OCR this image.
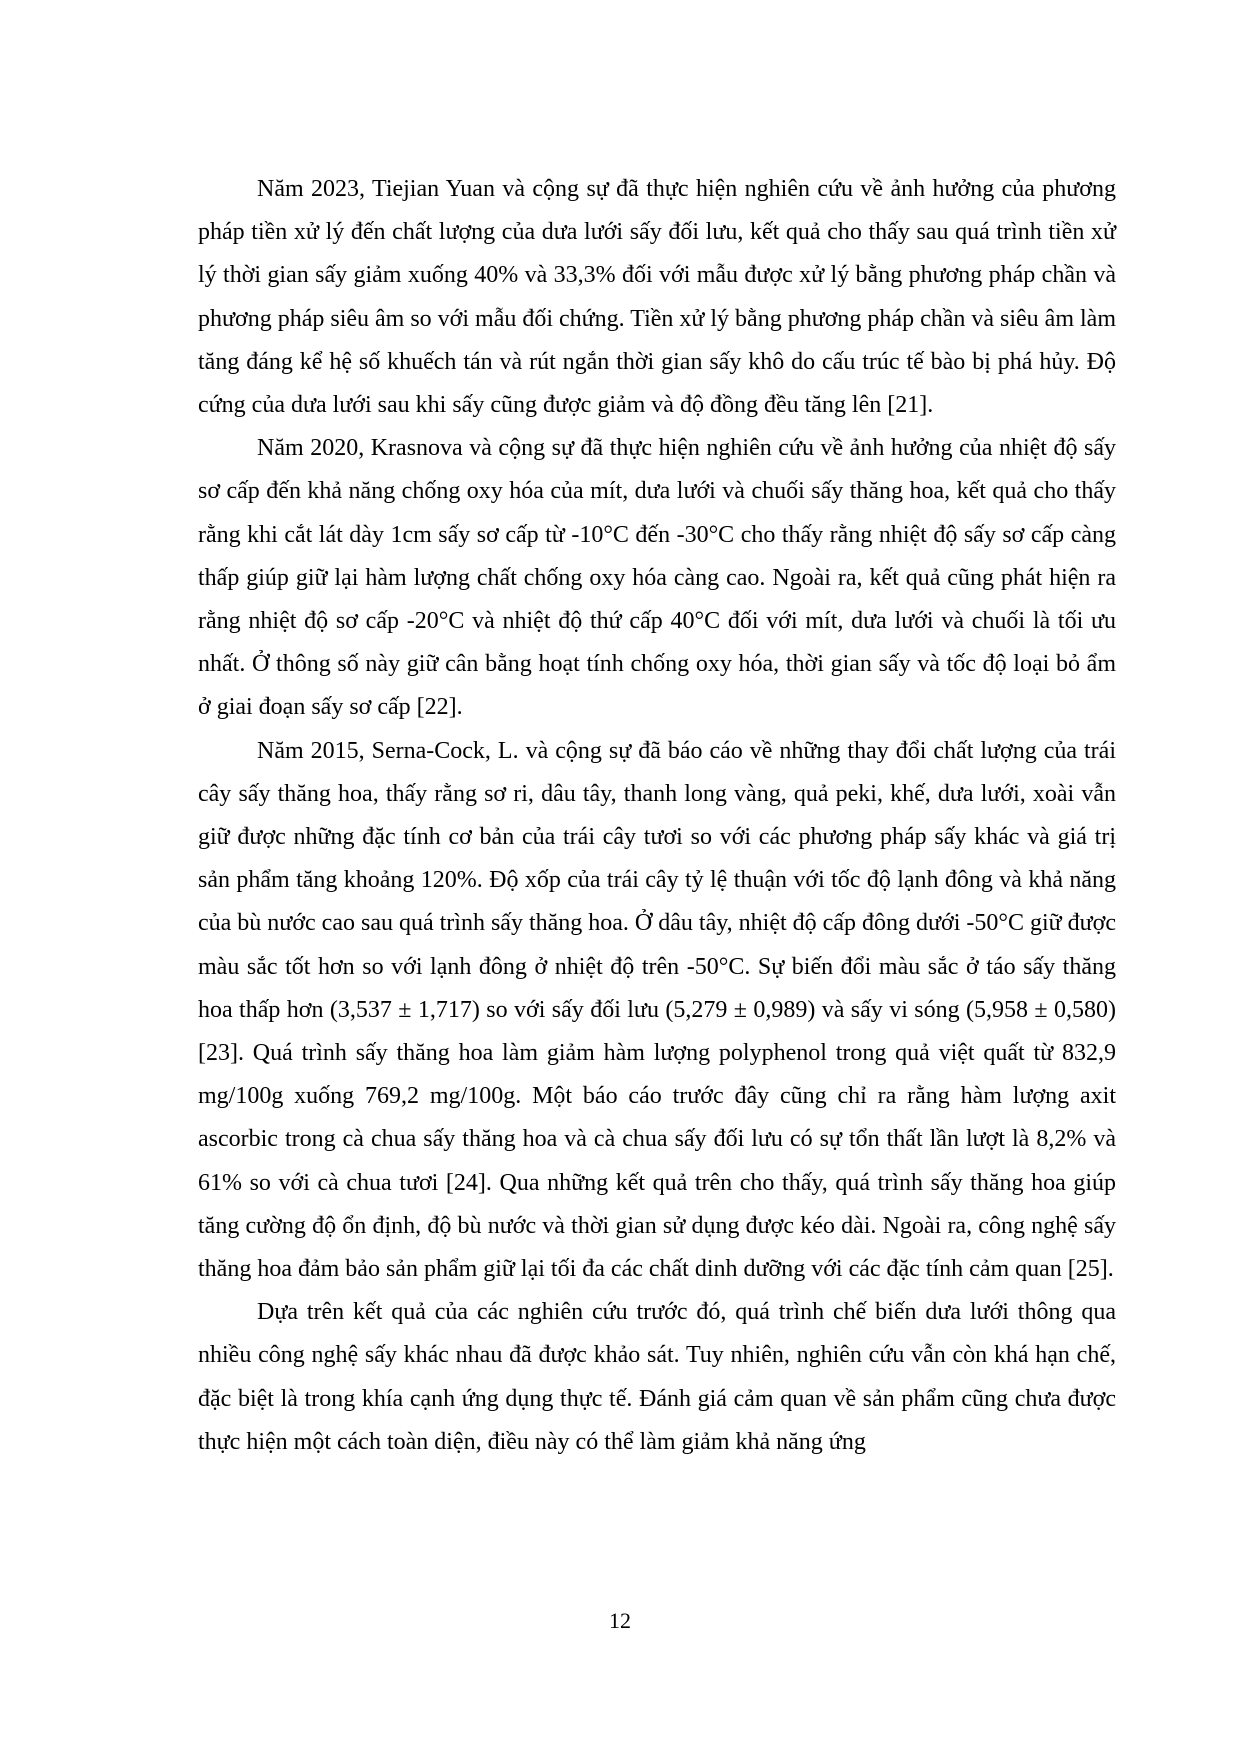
Năm 2023, Tiejian Yuan và cộng sự đã thực hiện nghiên cứu về ảnh hưởng của phương pháp tiền xử lý đến chất lượng của dưa lưới sấy đối lưu, kết quả cho thấy sau quá trình tiền xử lý thời gian sấy giảm xuống 40% và 33,3% đối với mẫu được xử lý bằng phương pháp chần và phương pháp siêu âm so với mẫu đối chứng. Tiền xử lý bằng phương pháp chần và siêu âm làm tăng đáng kể hệ số khuếch tán và rút ngắn thời gian sấy khô do cấu trúc tế bào bị phá hủy. Độ cứng của dưa lưới sau khi sấy cũng được giảm và độ đồng đều tăng lên [21].

Năm 2020, Krasnova và cộng sự đã thực hiện nghiên cứu về ảnh hưởng của nhiệt độ sấy sơ cấp đến khả năng chống oxy hóa của mít, dưa lưới và chuối sấy thăng hoa, kết quả cho thấy rằng khi cắt lát dày 1cm sấy sơ cấp từ -10°C đến -30°C cho thấy rằng nhiệt độ sấy sơ cấp càng thấp giúp giữ lại hàm lượng chất chống oxy hóa càng cao. Ngoài ra, kết quả cũng phát hiện ra rằng nhiệt độ sơ cấp -20°C và nhiệt độ thứ cấp 40°C đối với mít, dưa lưới và chuối là tối ưu nhất. Ở thông số này giữ cân bằng hoạt tính chống oxy hóa, thời gian sấy và tốc độ loại bỏ ẩm ở giai đoạn sấy sơ cấp [22].

Năm 2015, Serna-Cock, L. và cộng sự đã báo cáo về những thay đổi chất lượng của trái cây sấy thăng hoa, thấy rằng sơ ri, dâu tây, thanh long vàng, quả peki, khế, dưa lưới, xoài vẫn giữ được những đặc tính cơ bản của trái cây tươi so với các phương pháp sấy khác và giá trị sản phẩm tăng khoảng 120%. Độ xốp của trái cây tỷ lệ thuận với tốc độ lạnh đông và khả năng của bù nước cao sau quá trình sấy thăng hoa. Ở dâu tây, nhiệt độ cấp đông dưới -50°C giữ được màu sắc tốt hơn so với lạnh đông ở nhiệt độ trên -50°C. Sự biến đổi màu sắc ở táo sấy thăng hoa thấp hơn (3,537 ± 1,717) so với sấy đối lưu (5,279 ± 0,989) và sấy vi sóng (5,958 ± 0,580) [23]. Quá trình sấy thăng hoa làm giảm hàm lượng polyphenol trong quả việt quất từ 832,9 mg/100g xuống 769,2 mg/100g. Một báo cáo trước đây cũng chỉ ra rằng hàm lượng axit ascorbic trong cà chua sấy thăng hoa và cà chua sấy đối lưu có sự tổn thất lần lượt là 8,2% và 61% so với cà chua tươi [24]. Qua những kết quả trên cho thấy, quá trình sấy thăng hoa giúp tăng cường độ ổn định, độ bù nước và thời gian sử dụng được kéo dài. Ngoài ra, công nghệ sấy thăng hoa đảm bảo sản phẩm giữ lại tối đa các chất dinh dưỡng với các đặc tính cảm quan [25].

Dựa trên kết quả của các nghiên cứu trước đó, quá trình chế biến dưa lưới thông qua nhiều công nghệ sấy khác nhau đã được khảo sát. Tuy nhiên, nghiên cứu vẫn còn khá hạn chế, đặc biệt là trong khía cạnh ứng dụng thực tế. Đánh giá cảm quan về sản phẩm cũng chưa được thực hiện một cách toàn diện, điều này có thể làm giảm khả năng ứng

12
